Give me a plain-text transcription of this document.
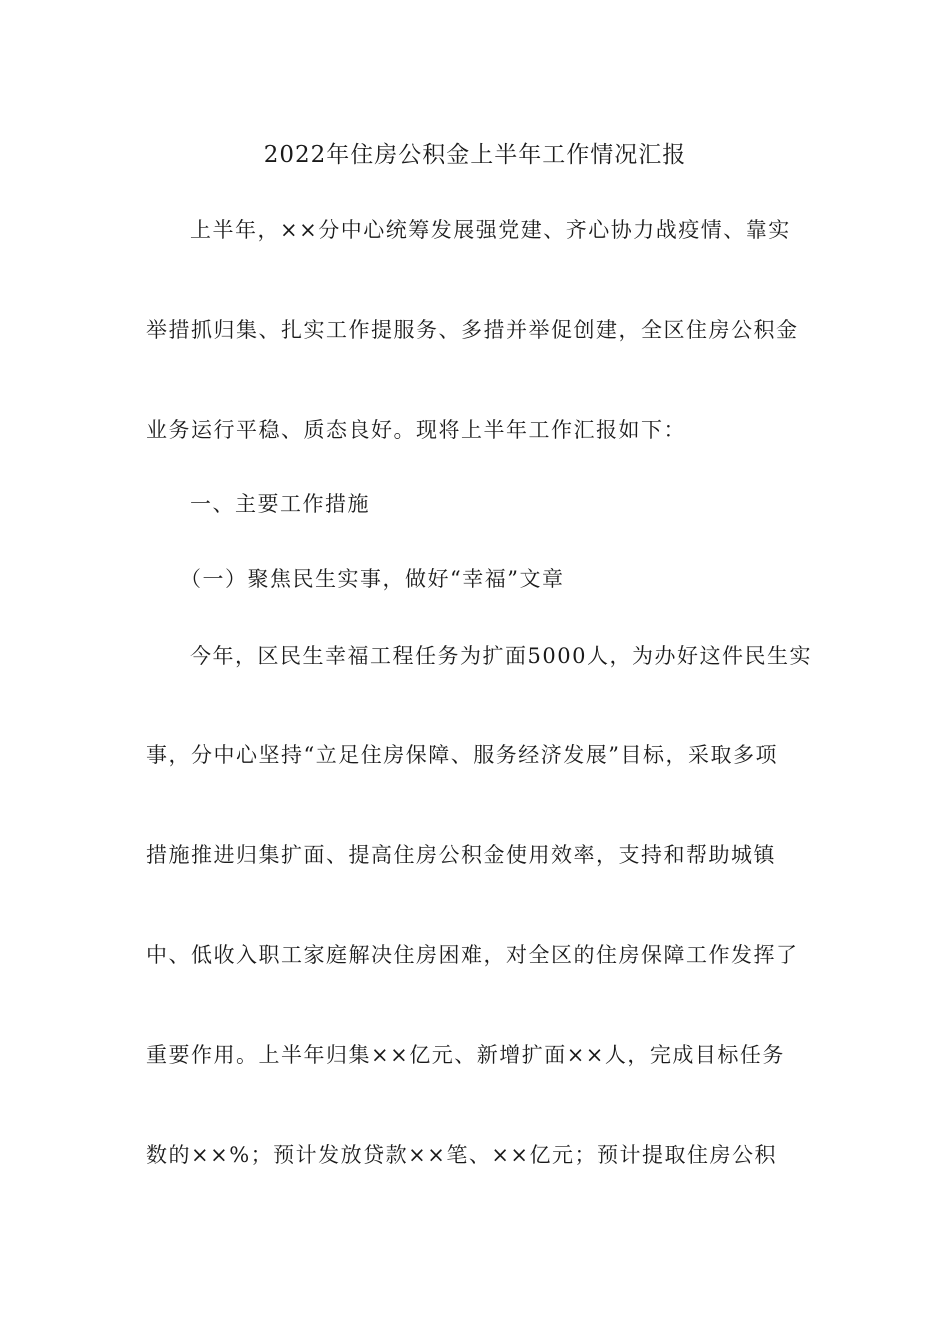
2022年住房公积金上半年工作情况汇报
上半年，××分中心统筹发展强党建、齐心协力战疫情、靠实
举措抓归集、扎实工作提服务、多措并举促创建，全区住房公积金
业务运行平稳、质态良好。现将上半年工作汇报如下：
一、主要工作措施
（一）聚焦民生实事，做好“幸福”文章
今年，区民生幸福工程任务为扩面5000人，为办好这件民生实
事，分中心坚持“立足住房保障、服务经济发展”目标，采取多项
措施推进归集扩面、提高住房公积金使用效率，支持和帮助城镇
中、低收入职工家庭解决住房困难，对全区的住房保障工作发挥了
重要作用。上半年归集××亿元、新增扩面××人，完成目标任务
数的××%；预计发放贷款××笔、××亿元；预计提取住房公积
